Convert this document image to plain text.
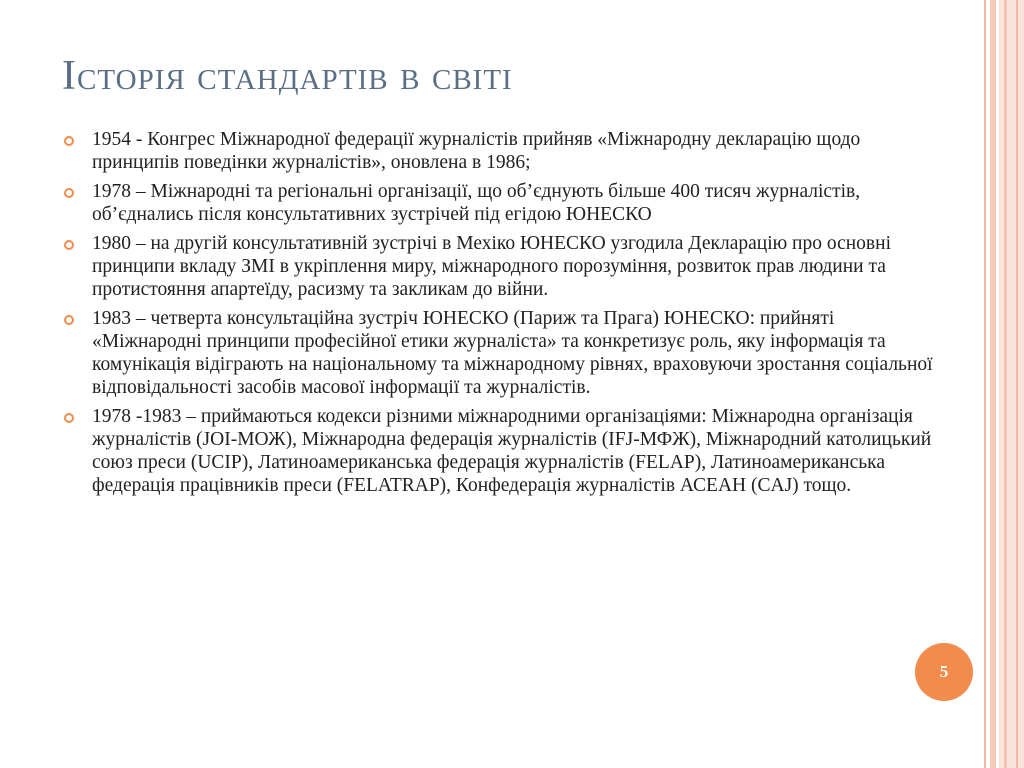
Історія стандартів в світі
1954 - Конгрес Міжнародної федерації журналістів прийняв «Міжнародну декларацію щодо принципів поведінки журналістів», оновлена в 1986;
1978 – Міжнародні та регіональні організації, що об’єднують більше 400 тисяч журналістів, об’єднались після консультативних зустрічей під егідою ЮНЕСКО
1980 – на другій консультативній зустрічі в Мехіко ЮНЕСКО узгодила Декларацію про основні принципи вкладу ЗМІ в укріплення миру, міжнародного порозуміння, розвиток прав людини та протистояння апартеїду, расизму та закликам до війни.
1983 – четверта консультаційна зустріч ЮНЕСКО (Париж та Прага) ЮНЕСКО: прийняті «Міжнародні принципи професійної етики журналіста» та конкретизує роль, яку інформація та комунікація відіграють на національному та міжнародному рівнях, враховуючи зростання соціальної відповідальності засобів масової інформації та журналістів.
1978 -1983 – приймаються кодекси різними міжнародними організаціями: Міжнародна організація журналістів (JOI-МОЖ), Міжнародна федерація журналістів (IFJ-МФЖ), Міжнародний католицький союз преси (UCIP), Латиноамериканська федерація журналістів (FELAP), Латиноамериканська федерація працівників преси (FELATRAP), Конфедерація журналістів АСЕАН (CAJ) тощо.
5
